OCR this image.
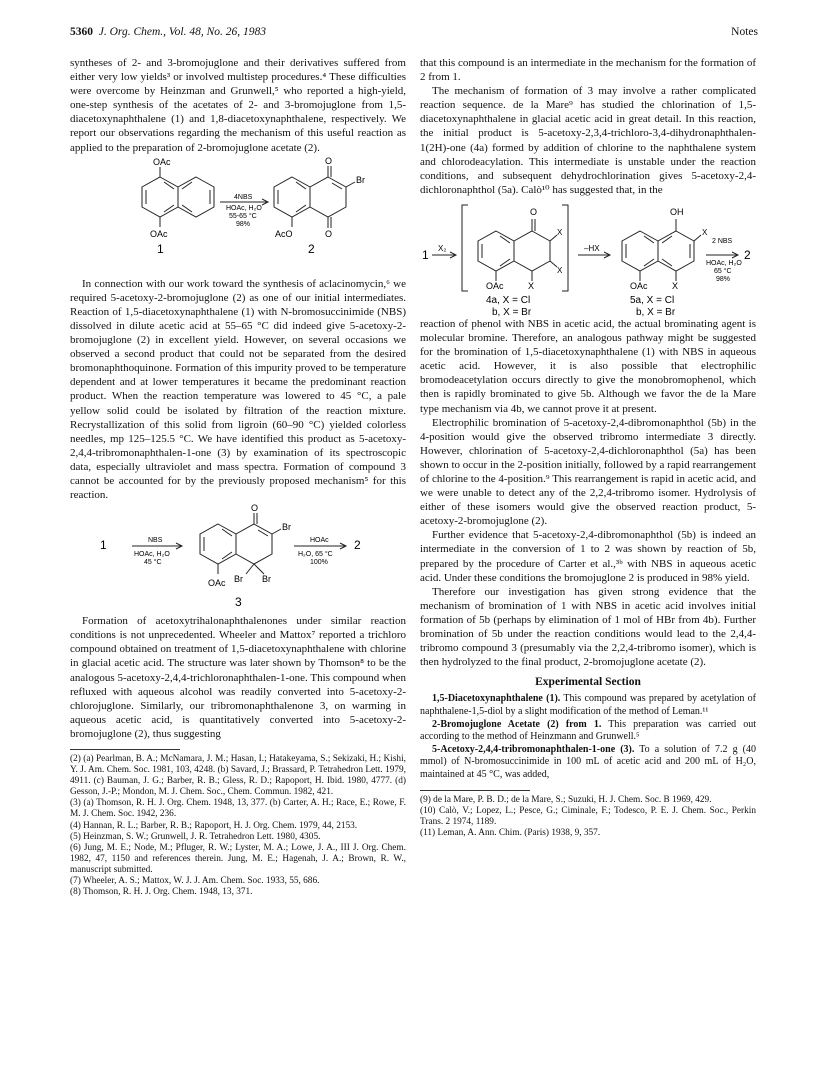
5360 J. Org. Chem., Vol. 48, No. 26, 1983	Notes

syntheses of 2- and 3-bromojuglone and their derivatives suffered from either very low yields³ or involved multistep procedures.⁴ These difficulties were overcome by Heinzman and Grunwell,⁵ who reported a high-yield, one-step synthesis of the acetates of 2- and 3-bromojuglone from 1,5-diacetoxynaphthalene (1) and 1,8-diacetoxynaphthalene, respectively. We report our observations regarding the mechanism of this useful reaction as applied to the preparation of 2-bromojuglone acetate (2).

OAc
OAc
4NBS
HOAc, H₂O
55-65 °C
98%
O
Br
AcO	O
1	2

In connection with our work toward the synthesis of aclacinomycin,⁶ we required 5-acetoxy-2-bromojuglone (2) as one of our initial intermediates. Reaction of 1,5-diacetoxynaphthalene (1) with N-bromosuccinimide (NBS) dissolved in dilute acetic acid at 55–65 °C did indeed give 5-acetoxy-2-bromojuglone (2) in excellent yield. However, on several occasions we observed a second product that could not be separated from the desired bromonaphthoquinone. Formation of this impurity proved to be temperature dependent and at lower temperatures it became the predominant reaction product. When the reaction temperature was lowered to 45 °C, a pale yellow solid could be isolated by filtration of the reaction mixture. Recrystallization of this solid from ligroin (60–90 °C) yielded colorless needles, mp 125–125.5 °C. We have identified this product as 5-acetoxy-2,4,4-tribromonaphthalen-1-one (3) by examination of its spectroscopic data, especially ultraviolet and mass spectra. Formation of compound 3 cannot be accounted for by the previously proposed mechanism⁵ for this reaction.

1	NBS
HOAc, H₂O
45 °C
O
Br
Br Br
OAc
HOAc
H₂O, 65 °C
100%
2
3

Formation of acetoxytrihalonaphthalenones under similar reaction conditions is not unprecedented. Wheeler and Mattox⁷ reported a trichloro compound obtained on treatment of 1,5-diacetoxynaphthalene with chlorine in glacial acetic acid. The structure was later shown by Thomson⁸ to be the analogous 5-acetoxy-2,4,4-trichloronaphthalen-1-one. This compound when refluxed with aqueous alcohol was readily converted into 5-acetoxy-2-chlorojuglone. Similarly, our tribromonaphthalenone 3, on warming in aqueous acetic acid, is quantitatively converted into 5-acetoxy-2-bromojuglone (2), thus suggesting

(2) (a) Pearlman, B. A.; McNamara, J. M.; Hasan, I.; Hatakeyama, S.; Sekizaki, H.; Kishi, Y. J. Am. Chem. Soc. 1981, 103, 4248. (b) Savard, J.; Brassard, P. Tetrahedron Lett. 1979, 4911. (c) Bauman, J. G.; Barber, R. B.; Gless, R. D.; Rapoport, H. Ibid. 1980, 4777. (d) Gesson, J.-P.; Mondon, M. J. Chem. Soc., Chem. Commun. 1982, 421.
(3) (a) Thomson, R. H. J. Org. Chem. 1948, 13, 377. (b) Carter, A. H.; Race, E.; Rowe, F. M. J. Chem. Soc. 1942, 236.
(4) Hannan, R. L.; Barber, R. B.; Rapoport, H. J. Org. Chem. 1979, 44, 2153.
(5) Heinzman, S. W.; Grunwell, J. R. Tetrahedron Lett. 1980, 4305.
(6) Jung, M. E.; Node, M.; Pfluger, R. W.; Lyster, M. A.; Lowe, J. A., III J. Org. Chem. 1982, 47, 1150 and references therein. Jung, M. E.; Hagenah, J. A.; Brown, R. W., manuscript submitted.
(7) Wheeler, A. S.; Mattox, W. J. J. Am. Chem. Soc. 1933, 55, 686.
(8) Thomson, R. H. J. Org. Chem. 1948, 13, 371.

that this compound is an intermediate in the mechanism for the formation of 2 from 1.

The mechanism of formation of 3 may involve a rather complicated reaction sequence. de la Mare⁹ has studied the chlorination of 1,5-diacetoxynaphthalene in glacial acetic acid in great detail. In this reaction, the initial product is 5-acetoxy-2,3,4-trichloro-3,4-dihydronaphthalen-1(2H)-one (4a) formed by addition of chlorine to the naphthalene system and chlorodeacylation. This intermediate is unstable under the reaction conditions, and subsequent dehydrochlorination gives 5-acetoxy-2,4-dichloronaphthol (5a). Calò¹⁰ has suggested that, in the

1 X₂
O
X
X
OAc	X
–HX
OH
X
OAc	X
2 NBS
HOAc, H₂O
65 °C
98%
2
4a, X = Cl
b, X = Br
5a, X = Cl
b, X = Br

reaction of phenol with NBS in acetic acid, the actual brominating agent is molecular bromine. Therefore, an analogous pathway might be suggested for the bromination of 1,5-diacetoxynaphthalene (1) with NBS in aqueous acetic acid. However, it is also possible that electrophilic bromodeacetylation occurs directly to give the monobromophenol, which then is rapidly brominated to give 5b. Although we favor the de la Mare type mechanism via 4b, we cannot prove it at present.

Electrophilic bromination of 5-acetoxy-2,4-dibromonaphthol (5b) in the 4-position would give the observed tribromo intermediate 3 directly. However, chlorination of 5-acetoxy-2,4-dichloronaphthol (5a) has been shown to occur in the 2-position initially, followed by a rapid rearrangement of chlorine to the 4-position.⁹ This rearrangement is rapid in acetic acid, and we were unable to detect any of the 2,2,4-tribromo isomer. Hydrolysis of either of these isomers would give the observed reaction product, 5-acetoxy-2-bromojuglone (2).

Further evidence that 5-acetoxy-2,4-dibromonaphthol (5b) is indeed an intermediate in the conversion of 1 to 2 was shown by reaction of 5b, prepared by the procedure of Carter et al.,³ᵇ with NBS in aqueous acetic acid. Under these conditions the bromojuglone 2 is produced in 98% yield.

Therefore our investigation has given strong evidence that the mechanism of bromination of 1 with NBS in acetic acid involves initial formation of 5b (perhaps by elimination of 1 mol of HBr from 4b). Further bromination of 5b under the reaction conditions would lead to the 2,4,4-tribromo compound 3 (presumably via the 2,2,4-tribromo isomer), which is then hydrolyzed to the final product, 2-bromojuglone acetate (2).

Experimental Section

1,5-Diacetoxynaphthalene (1). This compound was prepared by acetylation of naphthalene-1,5-diol by a slight modification of the method of Leman.¹¹

2-Bromojuglone Acetate (2) from 1. This preparation was carried out according to the method of Heinzmann and Grunwell.⁵

5-Acetoxy-2,4,4-tribromonaphthalen-1-one (3). To a solution of 7.2 g (40 mmol) of N-bromosuccinimide in 100 mL of acetic acid and 200 mL of H₂O, maintained at 45 °C, was added,

(9) de la Mare, P. B. D.; de la Mare, S.; Suzuki, H. J. Chem. Soc. B 1969, 429.
(10) Calò, V.; Lopez, L.; Pesce, G.; Ciminale, F.; Todesco, P. E. J. Chem. Soc., Perkin Trans. 2 1974, 1189.
(11) Leman, A. Ann. Chim. (Paris) 1938, 9, 357.
